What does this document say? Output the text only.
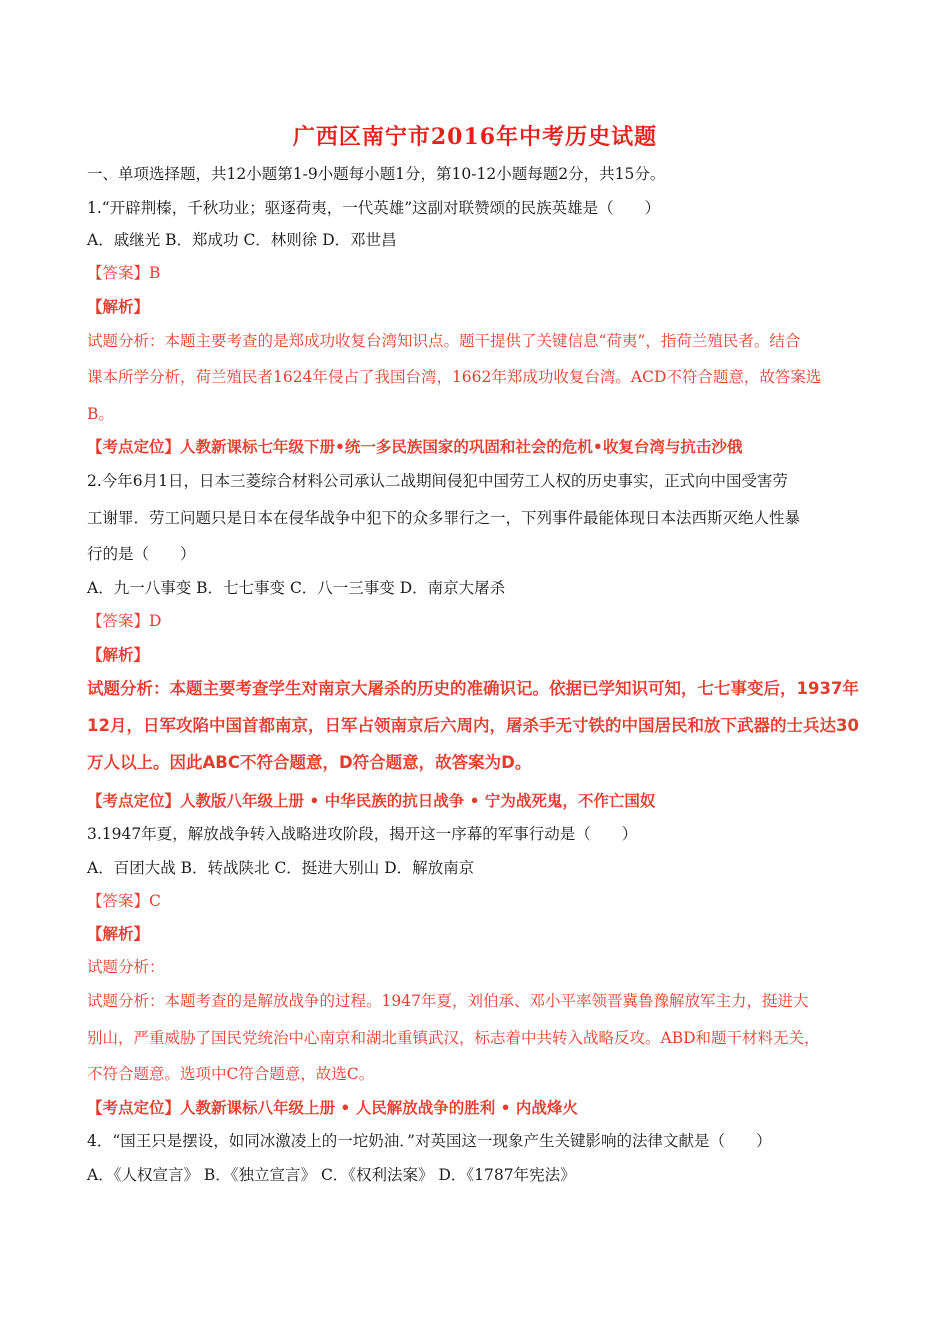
广西区南宁市2016年中考历史试题
一、单项选择题，共12小题第1-9小题每小题1分，第10-12小题每题2分，共15分。
1.“开辟荆榛，千秋功业；驱逐荷夷，一代英雄”这副对联赞颂的民族英雄是（　　）
A．戚继光 B．郑成功 C．林则徐 D．邓世昌
【答案】B
【解析】
试题分析：本题主要考查的是郑成功收复台湾知识点。题干提供了关键信息“荷夷”，指荷兰殖民者。结合
课本所学分析，荷兰殖民者1624年侵占了我国台湾，1662年郑成功收复台湾。ACD不符合题意，故答案选
B。
【考点定位】人教新课标七年级下册•统一多民族国家的巩固和社会的危机•收复台湾与抗击沙俄
2.今年6月1日，日本三菱综合材料公司承认二战期间侵犯中国劳工人权的历史事实，正式向中国受害劳
工谢罪．劳工问题只是日本在侵华战争中犯下的众多罪行之一，下列事件最能体现日本法西斯灭绝人性暴
行的是（　　）
A．九一八事变 B．七七事变 C．八一三事变 D．南京大屠杀
【答案】D
【解析】
试题分析：本题主要考查学生对南京大屠杀的历史的准确识记。依据已学知识可知，七七事变后，1937年
12月，日军攻陷中国首都南京，日军占领南京后六周内，屠杀手无寸铁的中国居民和放下武器的士兵达30
万人以上。因此ABC不符合题意，D符合题意，故答案为D。
【考点定位】人教版八年级上册 • 中华民族的抗日战争 • 宁为战死鬼，不作亡国奴
3.1947年夏，解放战争转入战略进攻阶段，揭开这一序幕的军事行动是（　　）
A．百团大战 B．转战陕北 C．挺进大别山 D．解放南京
【答案】C
【解析】
试题分析：
试题分析：本题考查的是解放战争的过程。1947年夏，刘伯承、邓小平率领晋冀鲁豫解放军主力，挺进大
别山，严重威胁了国民党统治中心南京和湖北重镇武汉，标志着中共转入战略反攻。ABD和题干材料无关，
不符合题意。选项中C符合题意，故选C。
【考点定位】人教新课标八年级上册 • 人民解放战争的胜利 • 内战烽火
4．“国王只是摆设，如同冰激凌上的一坨奶油．”对英国这一现象产生关键影响的法律文献是（　　）
A．《人权宣言》 B．《独立宣言》 C．《权利法案》 D．《1787年宪法》
